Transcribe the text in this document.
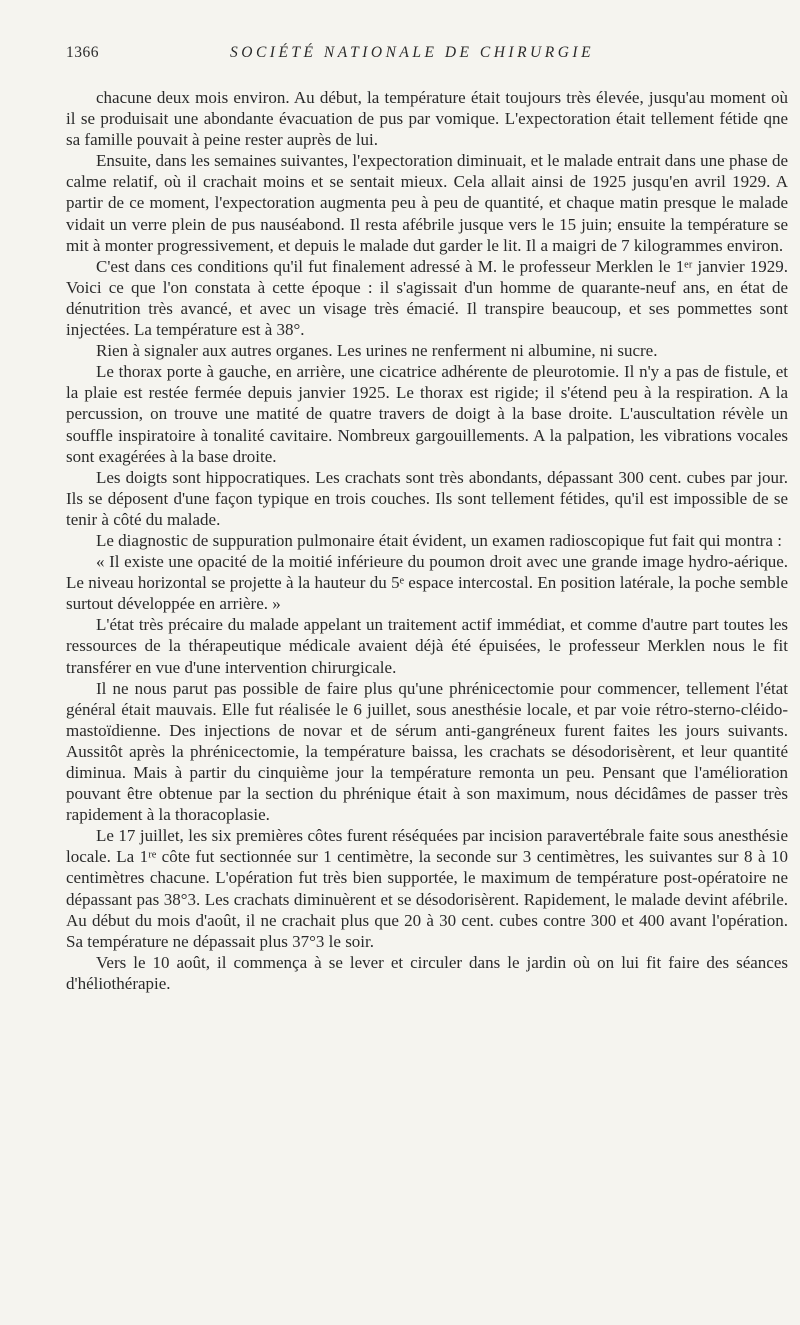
1366	SOCIÉTÉ NATIONALE DE CHIRURGIE

chacune deux mois environ. Au début, la température était toujours très élevée, jusqu'au moment où il se produisait une abondante évacuation de pus par vomique. L'expectoration était tellement fétide qne sa famille pouvait à peine rester auprès de lui.

Ensuite, dans les semaines suivantes, l'expectoration diminuait, et le malade entrait dans une phase de calme relatif, où il crachait moins et se sentait mieux. Cela allait ainsi de 1925 jusqu'en avril 1929. A partir de ce moment, l'expectoration augmenta peu à peu de quantité, et chaque matin presque le malade vidait un verre plein de pus nauséabond. Il resta afébrile jusque vers le 15 juin; ensuite la température se mit à monter progressivement, et depuis le malade dut garder le lit. Il a maigri de 7 kilogrammes environ.

C'est dans ces conditions qu'il fut finalement adressé à M. le professeur Merklen le 1ᵉʳ janvier 1929. Voici ce que l'on constata à cette époque : il s'agissait d'un homme de quarante-neuf ans, en état de dénutrition très avancé, et avec un visage très émacié. Il transpire beaucoup, et ses pommettes sont injectées. La température est à 38°.

Rien à signaler aux autres organes. Les urines ne renferment ni albumine, ni sucre.

Le thorax porte à gauche, en arrière, une cicatrice adhérente de pleurotomie. Il n'y a pas de fistule, et la plaie est restée fermée depuis janvier 1925. Le thorax est rigide; il s'étend peu à la respiration. A la percussion, on trouve une matité de quatre travers de doigt à la base droite. L'auscultation révèle un souffle inspiratoire à tonalité cavitaire. Nombreux gargouillements. A la palpation, les vibrations vocales sont exagérées à la base droite.

Les doigts sont hippocratiques. Les crachats sont très abondants, dépassant 300 cent. cubes par jour. Ils se déposent d'une façon typique en trois couches. Ils sont tellement fétides, qu'il est impossible de se tenir à côté du malade.

Le diagnostic de suppuration pulmonaire était évident, un examen radioscopique fut fait qui montra :

« Il existe une opacité de la moitié inférieure du poumon droit avec une grande image hydro-aérique. Le niveau horizontal se projette à la hauteur du 5ᵉ espace intercostal. En position latérale, la poche semble surtout développée en arrière. »

L'état très précaire du malade appelant un traitement actif immédiat, et comme d'autre part toutes les ressources de la thérapeutique médicale avaient déjà été épuisées, le professeur Merklen nous le fit transférer en vue d'une intervention chirurgicale.

Il ne nous parut pas possible de faire plus qu'une phrénicectomie pour commencer, tellement l'état général était mauvais. Elle fut réalisée le 6 juillet, sous anesthésie locale, et par voie rétro-sterno-cléido-mastoïdienne. Des injections de novar et de sérum anti-gangréneux furent faites les jours suivants. Aussitôt après la phrénicectomie, la température baissa, les crachats se désodorisèrent, et leur quantité diminua. Mais à partir du cinquième jour la température remonta un peu. Pensant que l'amélioration pouvant être obtenue par la section du phrénique était à son maximum, nous décidâmes de passer très rapidement à la thoracoplasie.

Le 17 juillet, les six premières côtes furent réséquées par incision paravertébrale faite sous anesthésie locale. La 1ʳᵉ côte fut sectionnée sur 1 centimètre, la seconde sur 3 centimètres, les suivantes sur 8 à 10 centimètres chacune. L'opération fut très bien supportée, le maximum de température post-opératoire ne dépassant pas 38°3. Les crachats diminuèrent et se désodorisèrent. Rapidement, le malade devint afébrile. Au début du mois d'août, il ne crachait plus que 20 à 30 cent. cubes contre 300 et 400 avant l'opération. Sa température ne dépassait plus 37°3 le soir.

Vers le 10 août, il commença à se lever et circuler dans le jardin où on lui fit faire des séances d'héliothérapie.
